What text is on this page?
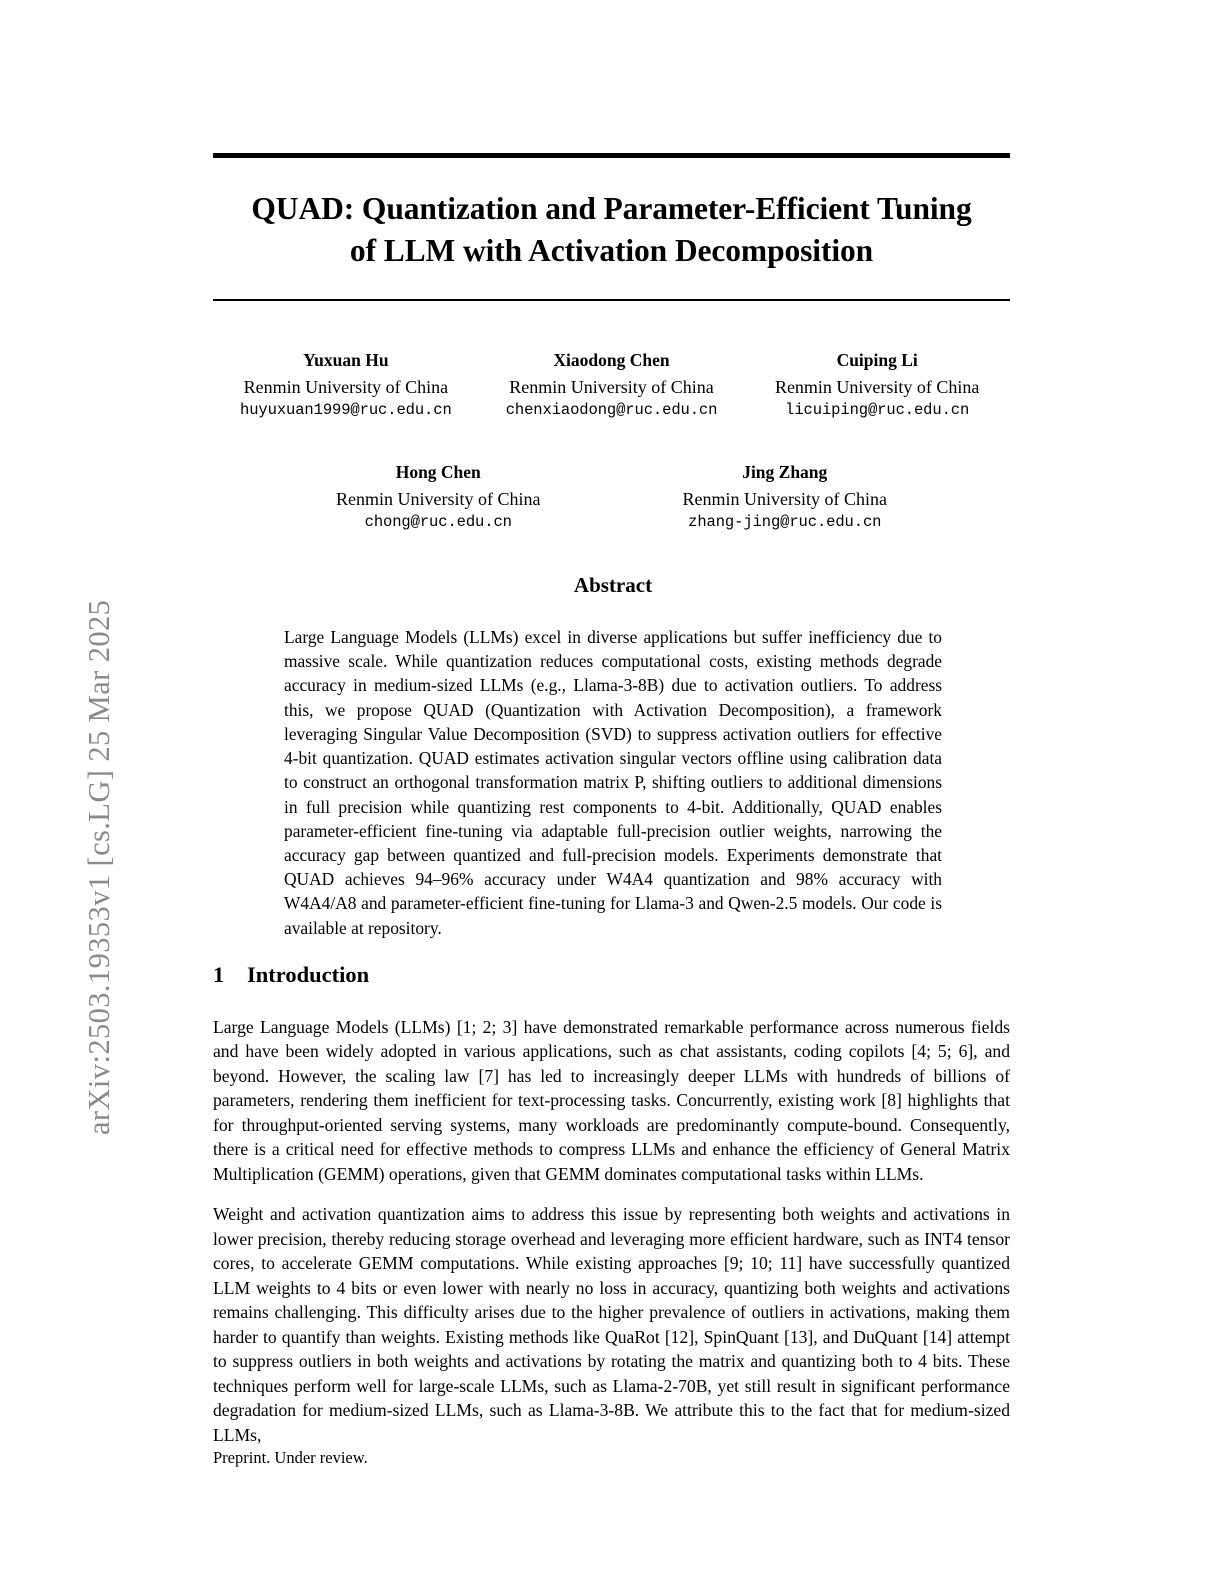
arXiv:2503.19353v1 [cs.LG] 25 Mar 2025
QUAD: Quantization and Parameter-Efficient Tuning
of LLM with Activation Decomposition
Yuxuan Hu
Renmin University of China
huyuxuan1999@ruc.edu.cn
Xiaodong Chen
Renmin University of China
chenxiaodong@ruc.edu.cn
Cuiping Li
Renmin University of China
licuiping@ruc.edu.cn
Hong Chen
Renmin University of China
chong@ruc.edu.cn
Jing Zhang
Renmin University of China
zhang-jing@ruc.edu.cn
Abstract
Large Language Models (LLMs) excel in diverse applications but suffer inefficiency due to massive scale. While quantization reduces computational costs, existing methods degrade accuracy in medium-sized LLMs (e.g., Llama-3-8B) due to activation outliers. To address this, we propose QUAD (Quantization with Activation Decomposition), a framework leveraging Singular Value Decomposition (SVD) to suppress activation outliers for effective 4-bit quantization. QUAD estimates activation singular vectors offline using calibration data to construct an orthogonal transformation matrix P, shifting outliers to additional dimensions in full precision while quantizing rest components to 4-bit. Additionally, QUAD enables parameter-efficient fine-tuning via adaptable full-precision outlier weights, narrowing the accuracy gap between quantized and full-precision models. Experiments demonstrate that QUAD achieves 94–96% accuracy under W4A4 quantization and 98% accuracy with W4A4/A8 and parameter-efficient fine-tuning for Llama-3 and Qwen-2.5 models. Our code is available at repository.
1 Introduction

Large Language Models (LLMs) [1; 2; 3] have demonstrated remarkable performance across numerous fields and have been widely adopted in various applications, such as chat assistants, coding copilots [4; 5; 6], and beyond. However, the scaling law [7] has led to increasingly deeper LLMs with hundreds of billions of parameters, rendering them inefficient for text-processing tasks. Concurrently, existing work [8] highlights that for throughput-oriented serving systems, many workloads are predominantly compute-bound. Consequently, there is a critical need for effective methods to compress LLMs and enhance the efficiency of General Matrix Multiplication (GEMM) operations, given that GEMM dominates computational tasks within LLMs.

Weight and activation quantization aims to address this issue by representing both weights and activations in lower precision, thereby reducing storage overhead and leveraging more efficient hardware, such as INT4 tensor cores, to accelerate GEMM computations. While existing approaches [9; 10; 11] have successfully quantized LLM weights to 4 bits or even lower with nearly no loss in accuracy, quantizing both weights and activations remains challenging. This difficulty arises due to the higher prevalence of outliers in activations, making them harder to quantify than weights. Existing methods like QuaRot [12], SpinQuant [13], and DuQuant [14] attempt to suppress outliers in both weights and activations by rotating the matrix and quantizing both to 4 bits. These techniques perform well for large-scale LLMs, such as Llama-2-70B, yet still result in significant performance degradation for medium-sized LLMs, such as Llama-3-8B. We attribute this to the fact that for medium-sized LLMs,

Preprint. Under review.
